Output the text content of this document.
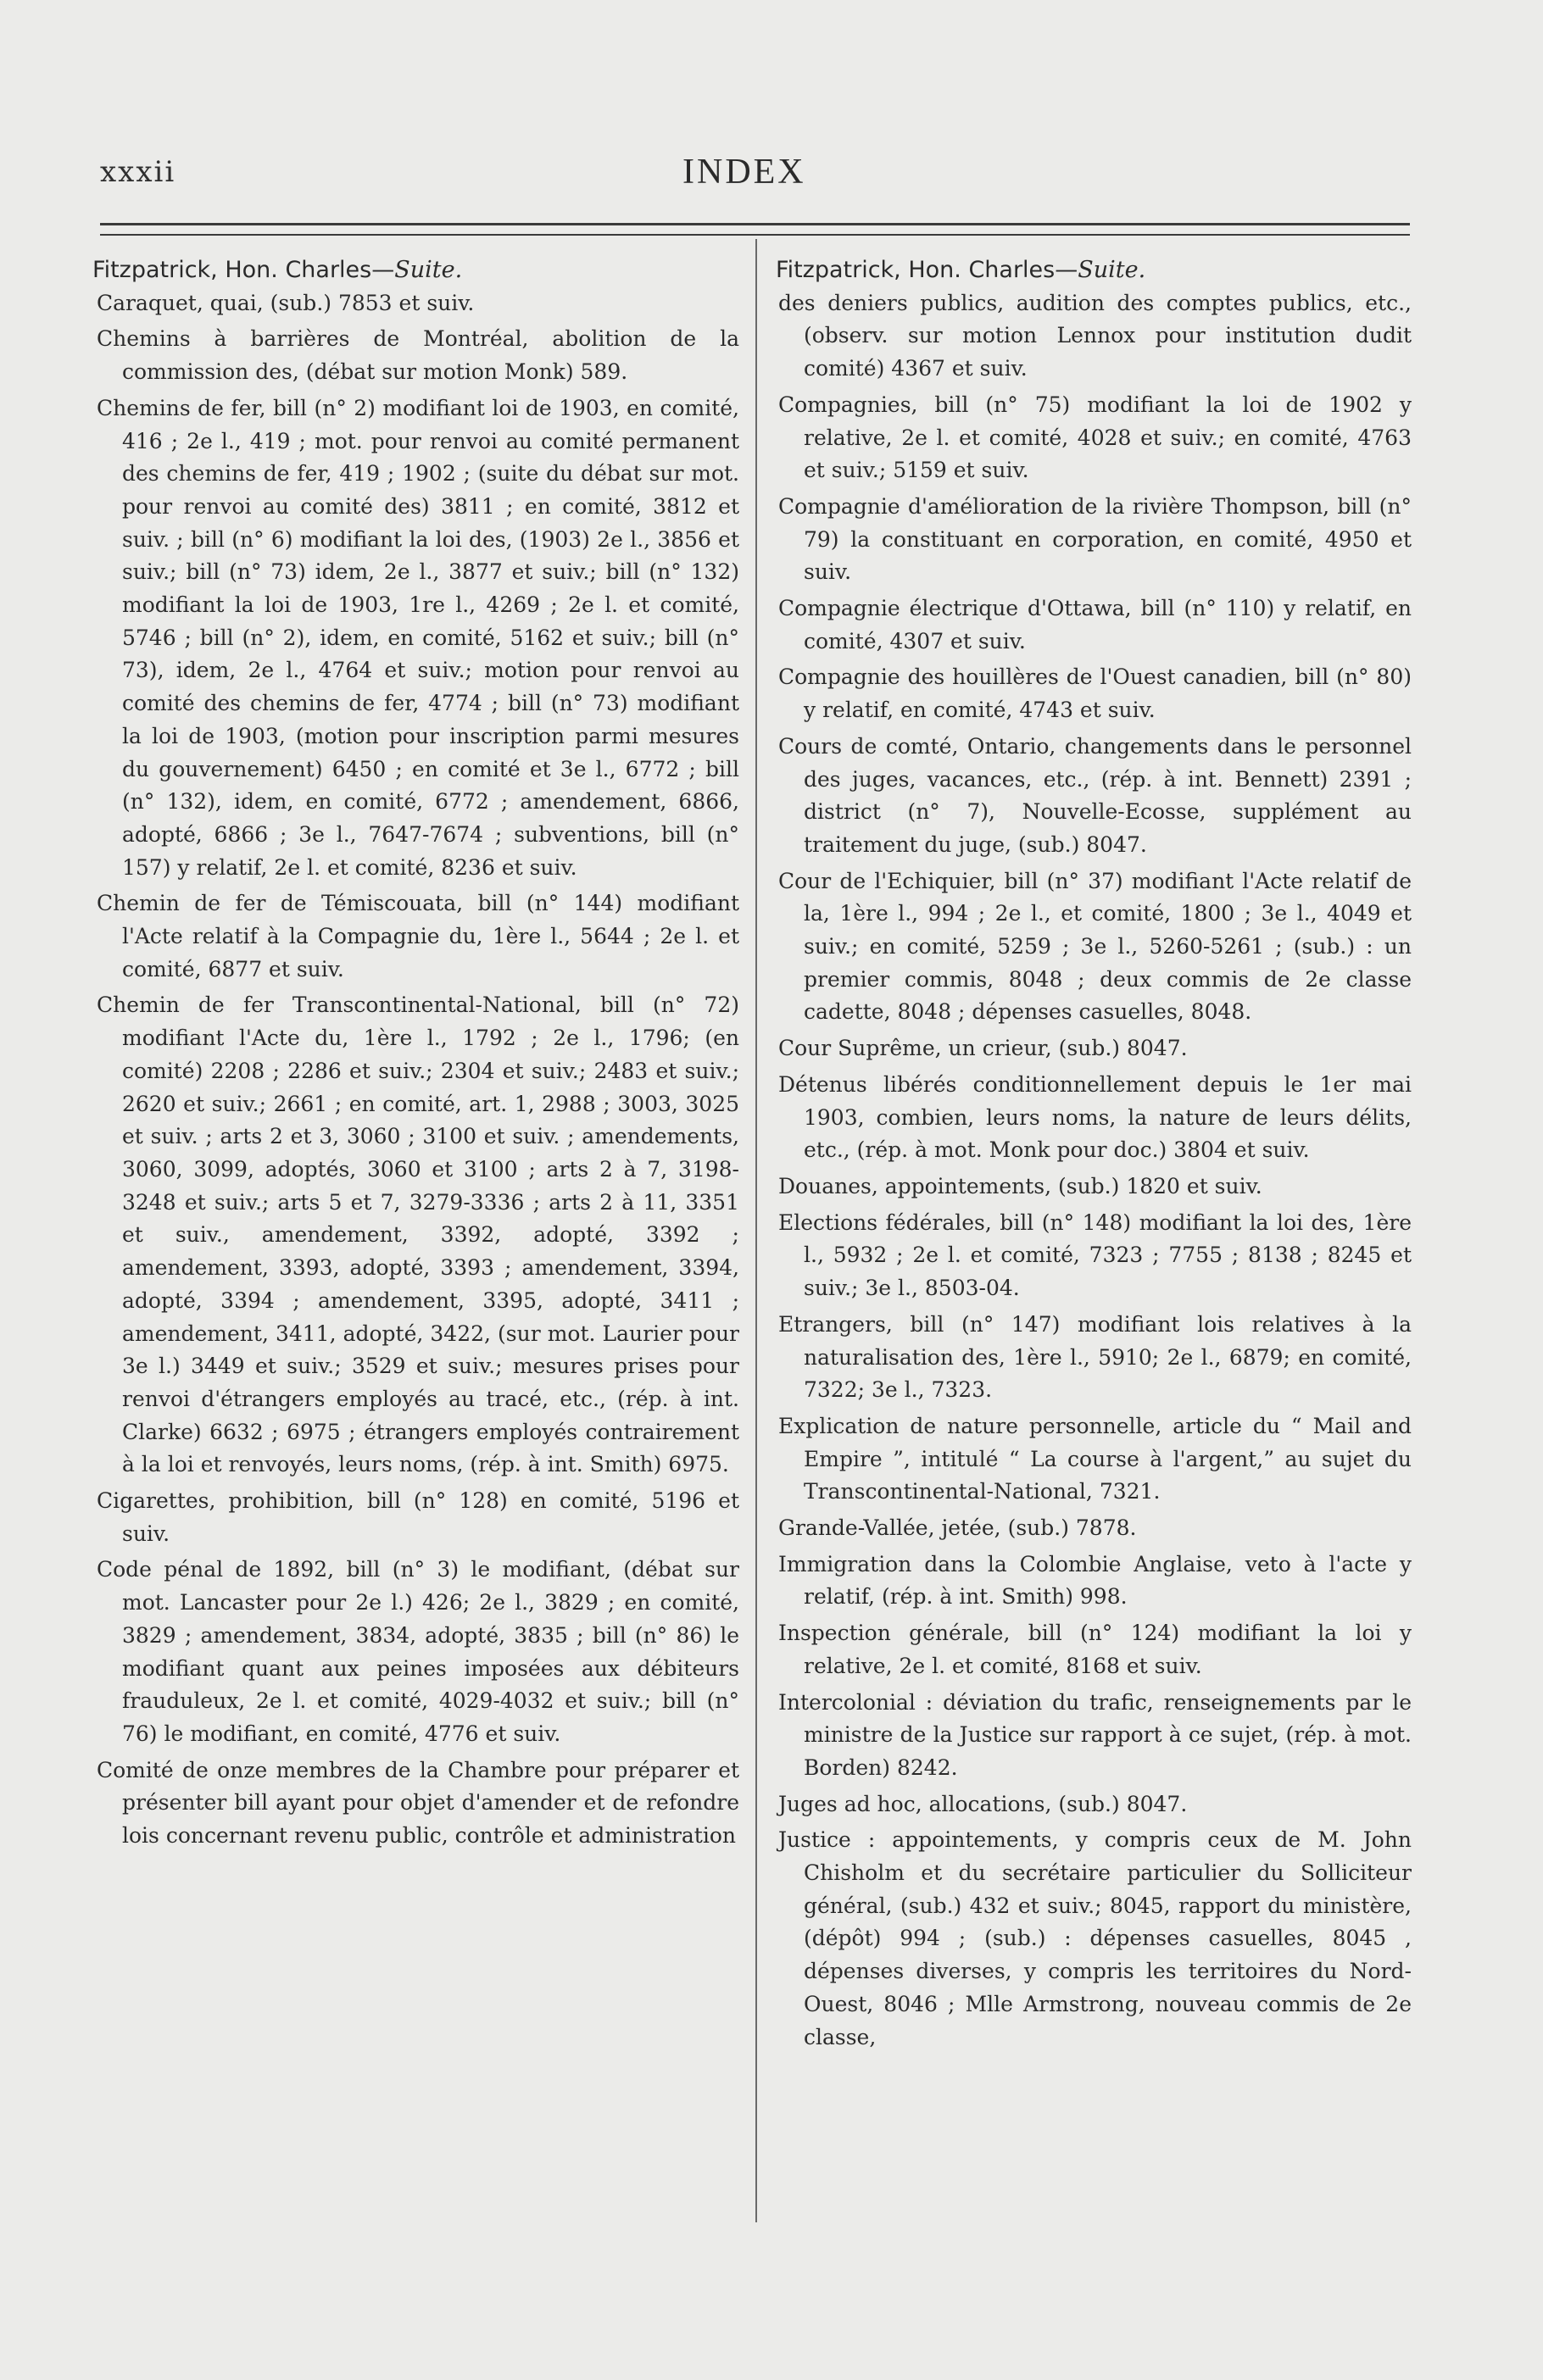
xxxii	INDEX
Fitzpatrick, Hon. Charles—Suite.

Caraquet, quai, (sub.) 7853 et suiv.

Chemins à barrières de Montréal, abolition de la commission des, (débat sur motion Monk) 589.

Chemins de fer, bill (n° 2) modifiant loi de 1903, en comité, 416 ; 2e l., 419 ; mot. pour renvoi au comité permanent des chemins de fer, 419 ; 1902 ; (suite du débat sur mot. pour renvoi au comité des) 3811 ; en comité, 3812 et suiv. ; bill (n° 6) modifiant la loi des, (1903) 2e l., 3856 et suiv.; bill (n° 73) idem, 2e l., 3877 et suiv.; bill (n° 132) modifiant la loi de 1903, 1re l., 4269 ; 2e l. et comité, 5746 ; bill (n° 2), idem, en comité, 5162 et suiv.; bill (n° 73), idem, 2e l., 4764 et suiv.; motion pour renvoi au comité des chemins de fer, 4774 ; bill (n° 73) modifiant la loi de 1903, (motion pour inscription parmi mesures du gouvernement) 6450 ; en comité et 3e l., 6772 ; bill (n° 132), idem, en comité, 6772 ; amendement, 6866, adopté, 6866 ; 3e l., 7647-7674 ; subventions, bill (n° 157) y relatif, 2e l. et comité, 8236 et suiv.

Chemin de fer de Témiscouata, bill (n° 144) modifiant l'Acte relatif à la Compagnie du, 1ère l., 5644 ; 2e l. et comité, 6877 et suiv.

Chemin de fer Transcontinental-National, bill (n° 72) modifiant l'Acte du, 1ère l., 1792 ; 2e l., 1796; (en comité) 2208 ; 2286 et suiv.; 2304 et suiv.; 2483 et suiv.; 2620 et suiv.; 2661 ; en comité, art. 1, 2988 ; 3003, 3025 et suiv. ; arts 2 et 3, 3060 ; 3100 et suiv. ; amendements, 3060, 3099, adoptés, 3060 et 3100 ; arts 2 à 7, 3198-3248 et suiv.; arts 5 et 7, 3279-3336 ; arts 2 à 11, 3351 et suiv., amendement, 3392, adopté, 3392 ; amendement, 3393, adopté, 3393 ; amendement, 3394, adopté, 3394 ; amendement, 3395, adopté, 3411 ; amendement, 3411, adopté, 3422, (sur mot. Laurier pour 3e l.) 3449 et suiv.; 3529 et suiv.; mesures prises pour renvoi d'étrangers employés au tracé, etc., (rép. à int. Clarke) 6632 ; 6975 ; étrangers employés contrairement à la loi et renvoyés, leurs noms, (rép. à int. Smith) 6975.

Cigarettes, prohibition, bill (n° 128) en comité, 5196 et suiv.

Code pénal de 1892, bill (n° 3) le modifiant, (débat sur mot. Lancaster pour 2e l.) 426; 2e l., 3829 ; en comité, 3829 ; amendement, 3834, adopté, 3835 ; bill (n° 86) le modifiant quant aux peines imposées aux débiteurs frauduleux, 2e l. et comité, 4029-4032 et suiv.; bill (n° 76) le modifiant, en comité, 4776 et suiv.

Comité de onze membres de la Chambre pour préparer et présenter bill ayant pour objet d'amender et de refondre lois concernant revenu public, contrôle et administration

Fitzpatrick, Hon. Charles—Suite.

des deniers publics, audition des comptes publics, etc., (observ. sur motion Lennox pour institution dudit comité) 4367 et suiv.

Compagnies, bill (n° 75) modifiant la loi de 1902 y relative, 2e l. et comité, 4028 et suiv.; en comité, 4763 et suiv.; 5159 et suiv.

Compagnie d'amélioration de la rivière Thompson, bill (n° 79) la constituant en corporation, en comité, 4950 et suiv.

Compagnie électrique d'Ottawa, bill (n° 110) y relatif, en comité, 4307 et suiv.

Compagnie des houillères de l'Ouest canadien, bill (n° 80) y relatif, en comité, 4743 et suiv.

Cours de comté, Ontario, changements dans le personnel des juges, vacances, etc., (rép. à int. Bennett) 2391 ; district (n° 7), Nouvelle-Ecosse, supplément au traitement du juge, (sub.) 8047.

Cour de l'Echiquier, bill (n° 37) modifiant l'Acte relatif de la, 1ère l., 994 ; 2e l., et comité, 1800 ; 3e l., 4049 et suiv.; en comité, 5259 ; 3e l., 5260-5261 ; (sub.) : un premier commis, 8048 ; deux commis de 2e classe cadette, 8048 ; dépenses casuelles, 8048.

Cour Suprême, un crieur, (sub.) 8047.

Détenus libérés conditionnellement depuis le 1er mai 1903, combien, leurs noms, la nature de leurs délits, etc., (rép. à mot. Monk pour doc.) 3804 et suiv.

Douanes, appointements, (sub.) 1820 et suiv.

Elections fédérales, bill (n° 148) modifiant la loi des, 1ère l., 5932 ; 2e l. et comité, 7323 ; 7755 ; 8138 ; 8245 et suiv.; 3e l., 8503-04.

Etrangers, bill (n° 147) modifiant lois relatives à la naturalisation des, 1ère l., 5910; 2e l., 6879; en comité, 7322; 3e l., 7323.

Explication de nature personnelle, article du “ Mail and Empire ”, intitulé “ La course à l'argent,” au sujet du Transcontinental-National, 7321.

Grande-Vallée, jetée, (sub.) 7878.

Immigration dans la Colombie Anglaise, veto à l'acte y relatif, (rép. à int. Smith) 998.

Inspection générale, bill (n° 124) modifiant la loi y relative, 2e l. et comité, 8168 et suiv.

Intercolonial : déviation du trafic, renseignements par le ministre de la Justice sur rapport à ce sujet, (rép. à mot. Borden) 8242.

Juges ad hoc, allocations, (sub.) 8047.

Justice : appointements, y compris ceux de M. John Chisholm et du secrétaire particulier du Solliciteur général, (sub.) 432 et suiv.; 8045, rapport du ministère, (dépôt) 994 ; (sub.) : dépenses casuelles, 8045 , dépenses diverses, y compris les territoires du Nord-Ouest, 8046 ; Mlle Armstrong, nouveau commis de 2e classe,
